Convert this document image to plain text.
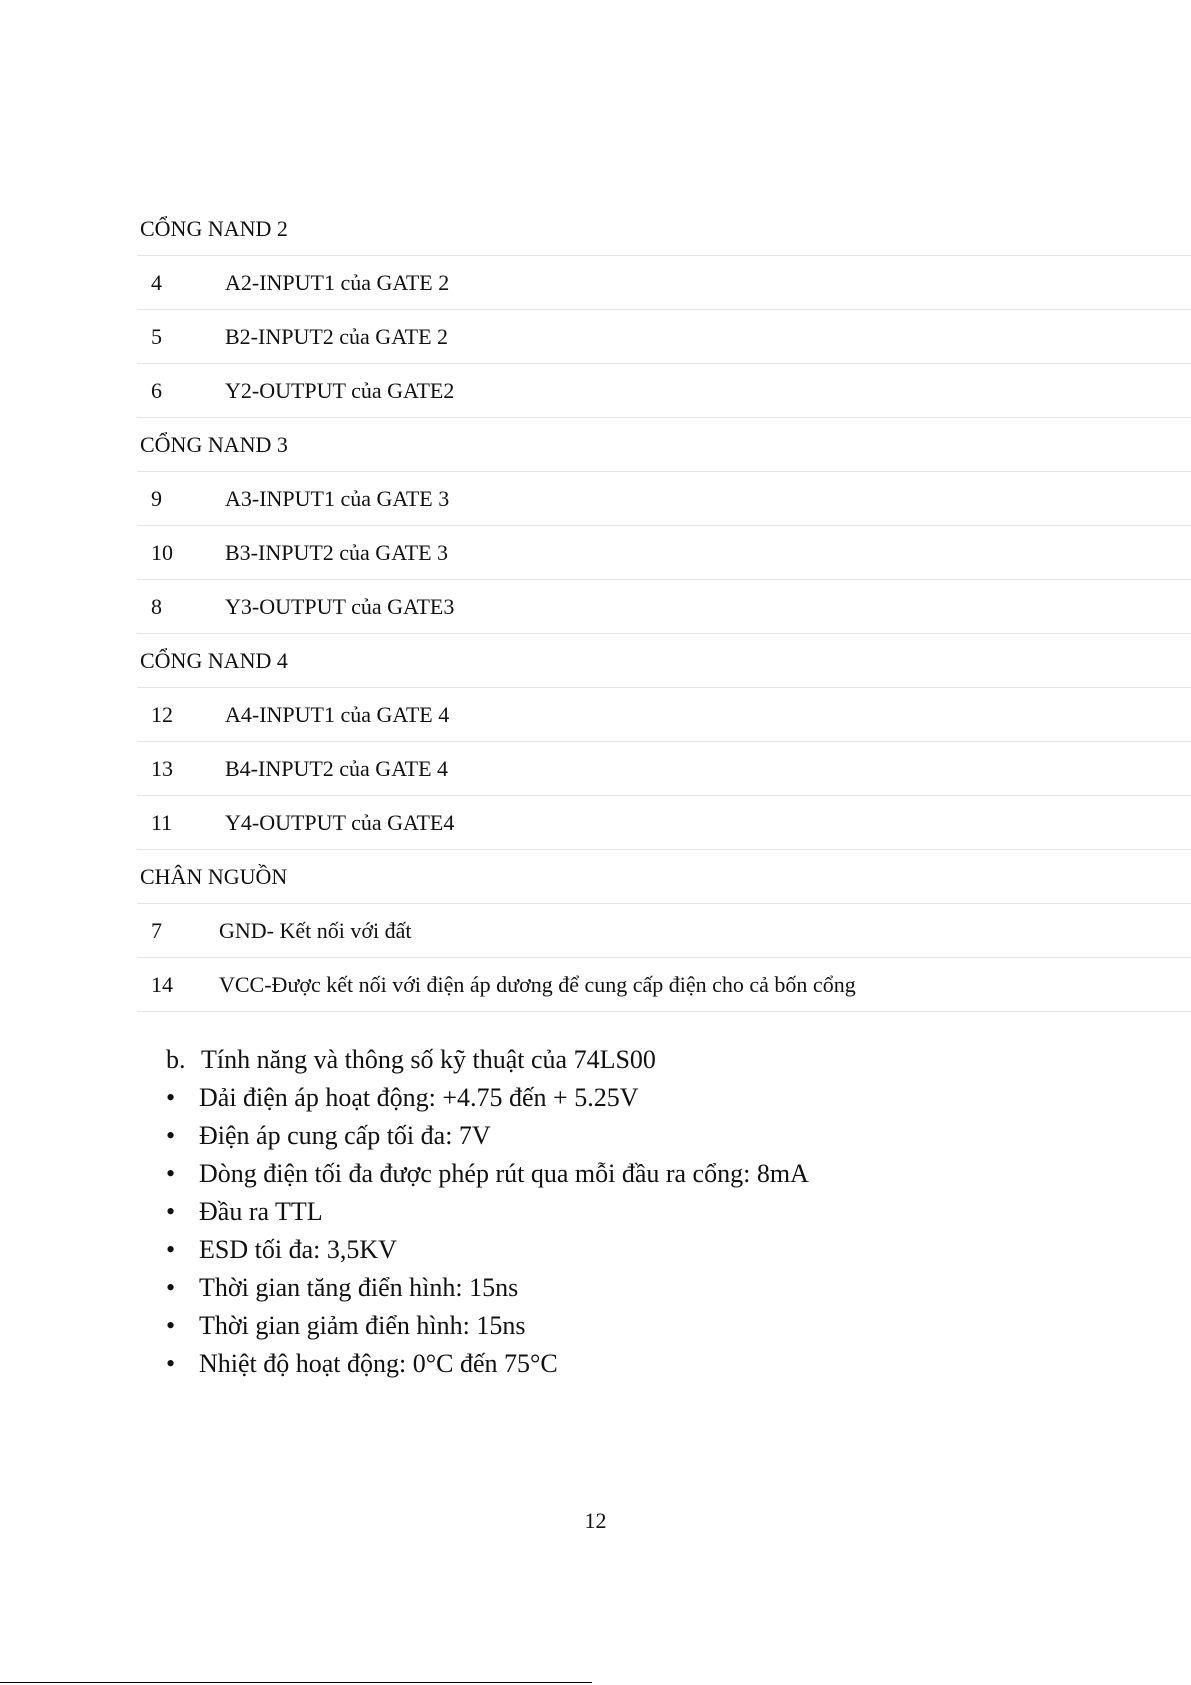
CỔNG NAND 2
4	A2-INPUT1 của GATE 2
5	B2-INPUT2 của GATE 2
6	Y2-OUTPUT của GATE2
CỔNG NAND 3
9	A3-INPUT1 của GATE 3
10	B3-INPUT2 của GATE 3
8	Y3-OUTPUT của GATE3
CỔNG NAND 4
12	A4-INPUT1 của GATE 4
13	B4-INPUT2 của GATE 4
11	Y4-OUTPUT của GATE4
CHÂN NGUỒN
7	GND- Kết nối với đất
14	VCC-Được kết nối với điện áp dương để cung cấp điện cho cả bốn cổng
b. Tính năng và thông số kỹ thuật của 74LS00
• Dải điện áp hoạt động: +4.75 đến + 5.25V
• Điện áp cung cấp tối đa: 7V
• Dòng điện tối đa được phép rút qua mỗi đầu ra cổng: 8mA
• Đầu ra TTL
• ESD tối đa: 3,5KV
• Thời gian tăng điển hình: 15ns
• Thời gian giảm điển hình: 15ns
• Nhiệt độ hoạt động: 0°C đến 75°C
12
